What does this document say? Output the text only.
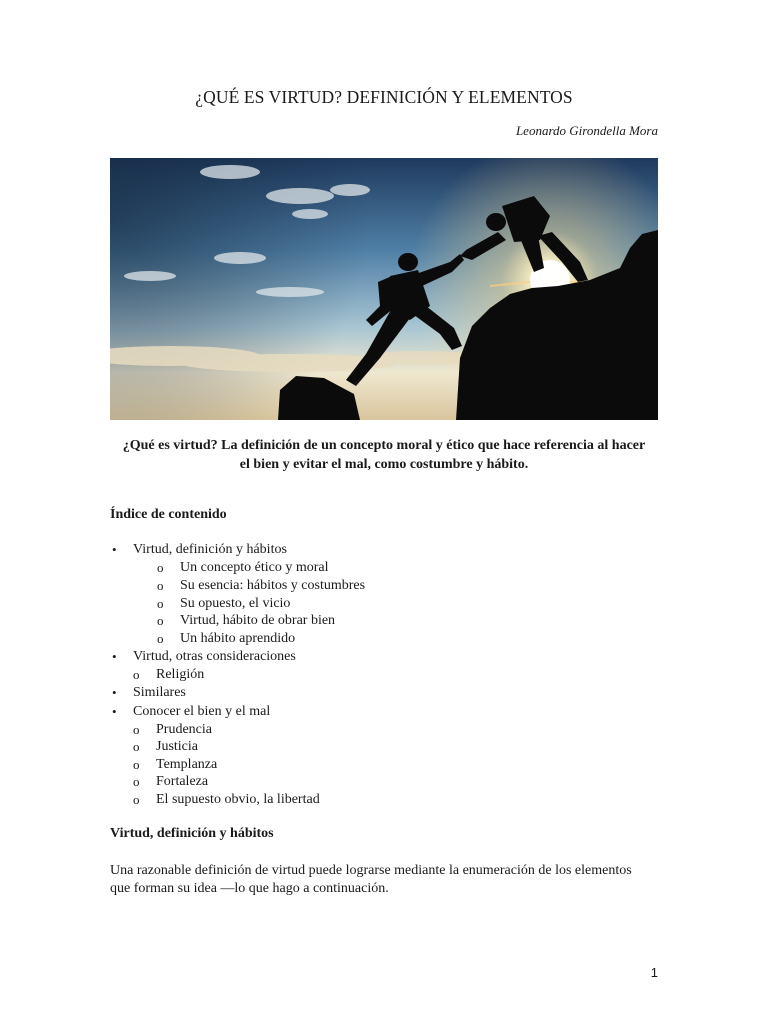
¿QUÉ ES VIRTUD? DEFINICIÓN Y ELEMENTOS
Leonardo Girondella Mora
¿Qué es virtud? La definición de un concepto moral y ético que hace referencia al hacer
el bien y evitar el mal, como costumbre y hábito.
Índice de contenido
•
Virtud, definición y hábitos
o
Un concepto ético y moral
o
Su esencia: hábitos y costumbres
o
Su opuesto, el vicio
o
Virtud, hábito de obrar bien
o
Un hábito aprendido
•
Virtud, otras consideraciones
o
Religión
•
Similares
•
Conocer el bien y el mal
o
Prudencia
o
Justicia
o
Templanza
o
Fortaleza
o
El supuesto obvio, la libertad
Virtud, definición y hábitos
Una razonable definición de virtud puede lograrse mediante la enumeración de los elementos
que forman su idea —lo que hago a continuación.
1
